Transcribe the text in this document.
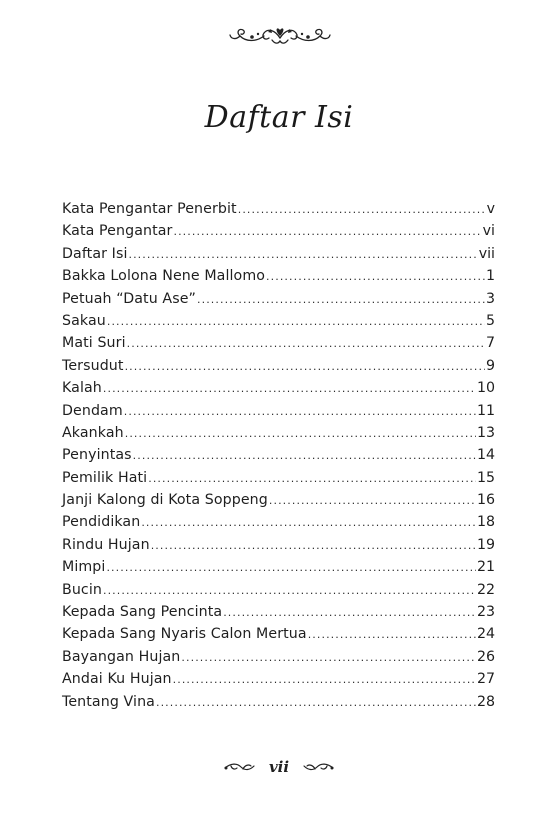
Daftar Isi
Kata Pengantar Penerbit .....	v
Kata Pengantar .....	vi
Daftar Isi .....	vii
Bakka Lolona Nene Mallomo .....	1
Petuah “Datu Ase” .....	3
Sakau .....	5
Mati Suri .....	7
Tersudut .....	9
Kalah .....	10
Dendam .....	11
Akankah .....	13
Penyintas .....	14
Pemilik Hati .....	15
Janji Kalong di Kota Soppeng .....	16
Pendidikan .....	18
Rindu Hujan .....	19
Mimpi .....	21
Bucin .....	22
Kepada Sang Pencinta .....	23
Kepada Sang Nyaris Calon Mertua .....	24
Bayangan Hujan .....	26
Andai Ku Hujan .....	27
Tentang Vina .....	28
vii
